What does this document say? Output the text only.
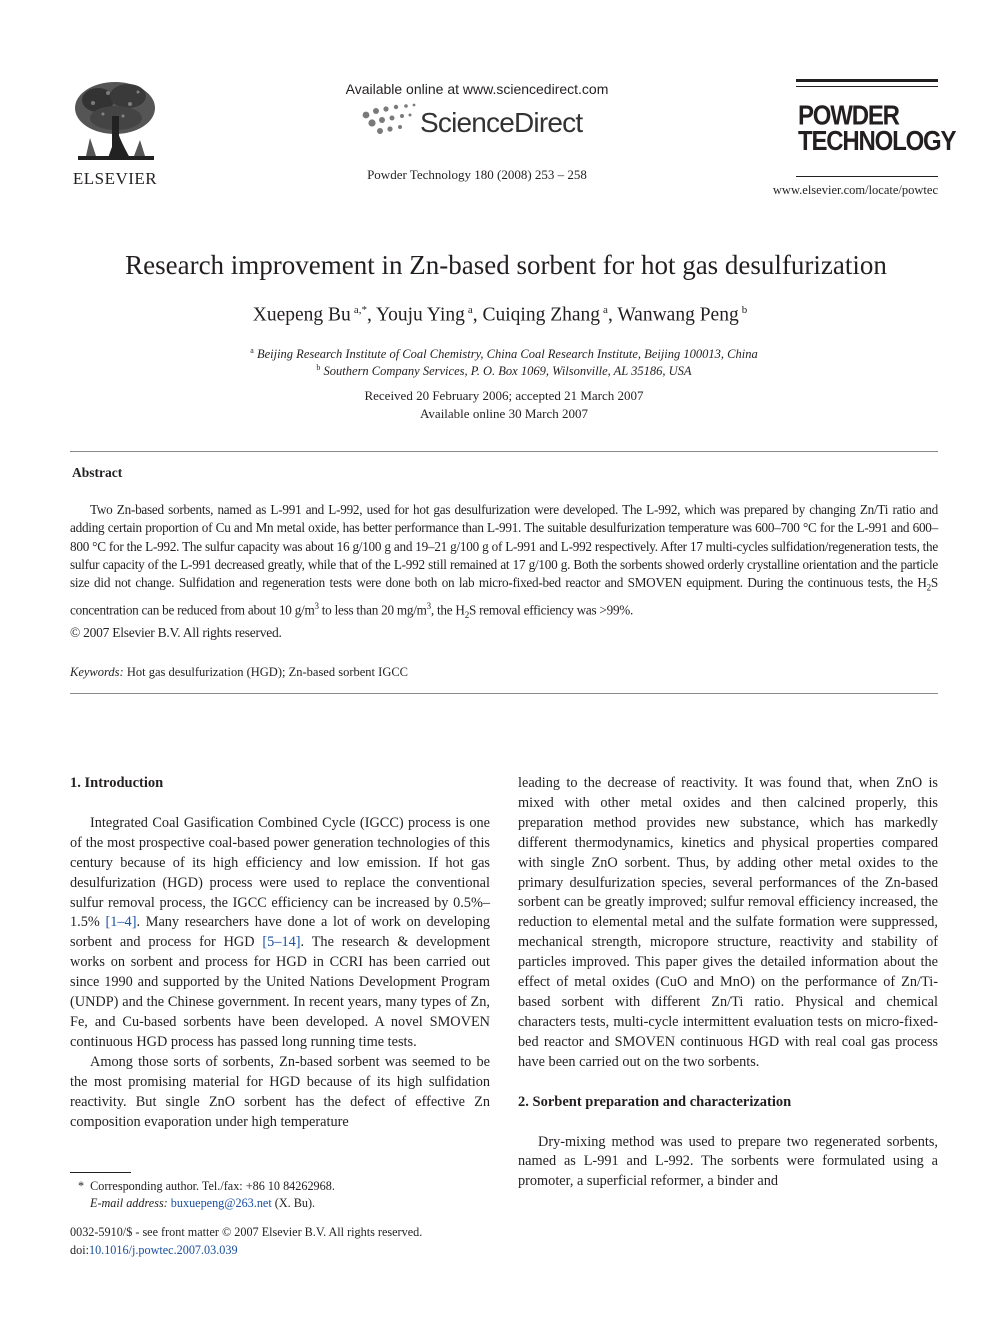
ELSEVIER
Available online at www.sciencedirect.com
ScienceDirect
Powder Technology 180 (2008) 253 – 258
POWDER
TECHNOLOGY
www.elsevier.com/locate/powtec
Research improvement in Zn-based sorbent for hot gas desulfurization
Xuepeng Bu $^{a,*}$, Youju Ying $^a$, Cuiqing Zhang $^a$, Wanwang Peng $^b$
$^a$ Beijing Research Institute of Coal Chemistry, China Coal Research Institute, Beijing 100013, China
$^b$ Southern Company Services, P. O. Box 1069, Wilsonville, AL 35186, USA
Received 20 February 2006; accepted 21 March 2007
Available online 30 March 2007
Abstract
Two Zn-based sorbents, named as L-991 and L-992, used for hot gas desulfurization were developed. The L-992, which was prepared by changing Zn/Ti ratio and adding certain proportion of Cu and Mn metal oxide, has better performance than L-991. The suitable desulfurization temperature was 600–700 °C for the L-991 and 600–800 °C for the L-992. The sulfur capacity was about 16 g/100 g and 19–21 g/100 g of L-991 and L-992 respectively. After 17 multi-cycles sulfidation/regeneration tests, the sulfur capacity of the L-991 decreased greatly, while that of the L-992 still remained at 17 g/100 g. Both the sorbents showed orderly crystalline orientation and the particle size did not change. Sulfidation and regeneration tests were done both on lab micro-fixed-bed reactor and SMOVEN equipment. During the continuous tests, the $H_2S$ concentration can be reduced from about 10 $g/m^3$ to less than 20 $mg/m^3$, the $H_2S$ removal efficiency was >99%.
© 2007 Elsevier B.V. All rights reserved.
Keywords: Hot gas desulfurization (HGD); Zn-based sorbent IGCC
1. Introduction

Integrated Coal Gasification Combined Cycle (IGCC) process is one of the most prospective coal-based power generation technologies of this century because of its high efficiency and low emission. If hot gas desulfurization (HGD) process were used to replace the conventional sulfur removal process, the IGCC efficiency can be increased by 0.5%–1.5% [1–4]. Many researchers have done a lot of work on developing sorbent and process for HGD [5–14]. The research & development works on sorbent and process for HGD in CCRI has been carried out since 1990 and supported by the United Nations Development Program (UNDP) and the Chinese government. In recent years, many types of Zn, Fe, and Cu-based sorbents have been developed. A novel SMOVEN continuous HGD process has passed long running time tests.

Among those sorts of sorbents, Zn-based sorbent was seemed to be the most promising material for HGD because of its high sulfidation reactivity. But single ZnO sorbent has the defect of effective Zn composition evaporation under high temperature

* Corresponding author. Tel./fax: +86 10 84262968.
E-mail address: buxuepeng@263.net (X. Bu).
0032-5910/$ - see front matter © 2007 Elsevier B.V. All rights reserved.
doi:10.1016/j.powtec.2007.03.039

leading to the decrease of reactivity. It was found that, when ZnO is mixed with other metal oxides and then calcined properly, this preparation method provides new substance, which has markedly different thermodynamics, kinetics and physical properties compared with single ZnO sorbent. Thus, by adding other metal oxides to the primary desulfurization species, several performances of the Zn-based sorbent can be greatly improved; sulfur removal efficiency increased, the reduction to elemental metal and the sulfate formation were suppressed, mechanical strength, micropore structure, reactivity and stability of particles improved. This paper gives the detailed information about the effect of metal oxides (CuO and MnO) on the performance of Zn/Ti-based sorbent with different Zn/Ti ratio. Physical and chemical characters tests, multi-cycle intermittent evaluation tests on micro-fixed-bed reactor and SMOVEN continuous HGD with real coal gas process have been carried out on the two sorbents.

2. Sorbent preparation and characterization

Dry-mixing method was used to prepare two regenerated sorbents, named as L-991 and L-992. The sorbents were formulated using a promoter, a superficial reformer, a binder and
